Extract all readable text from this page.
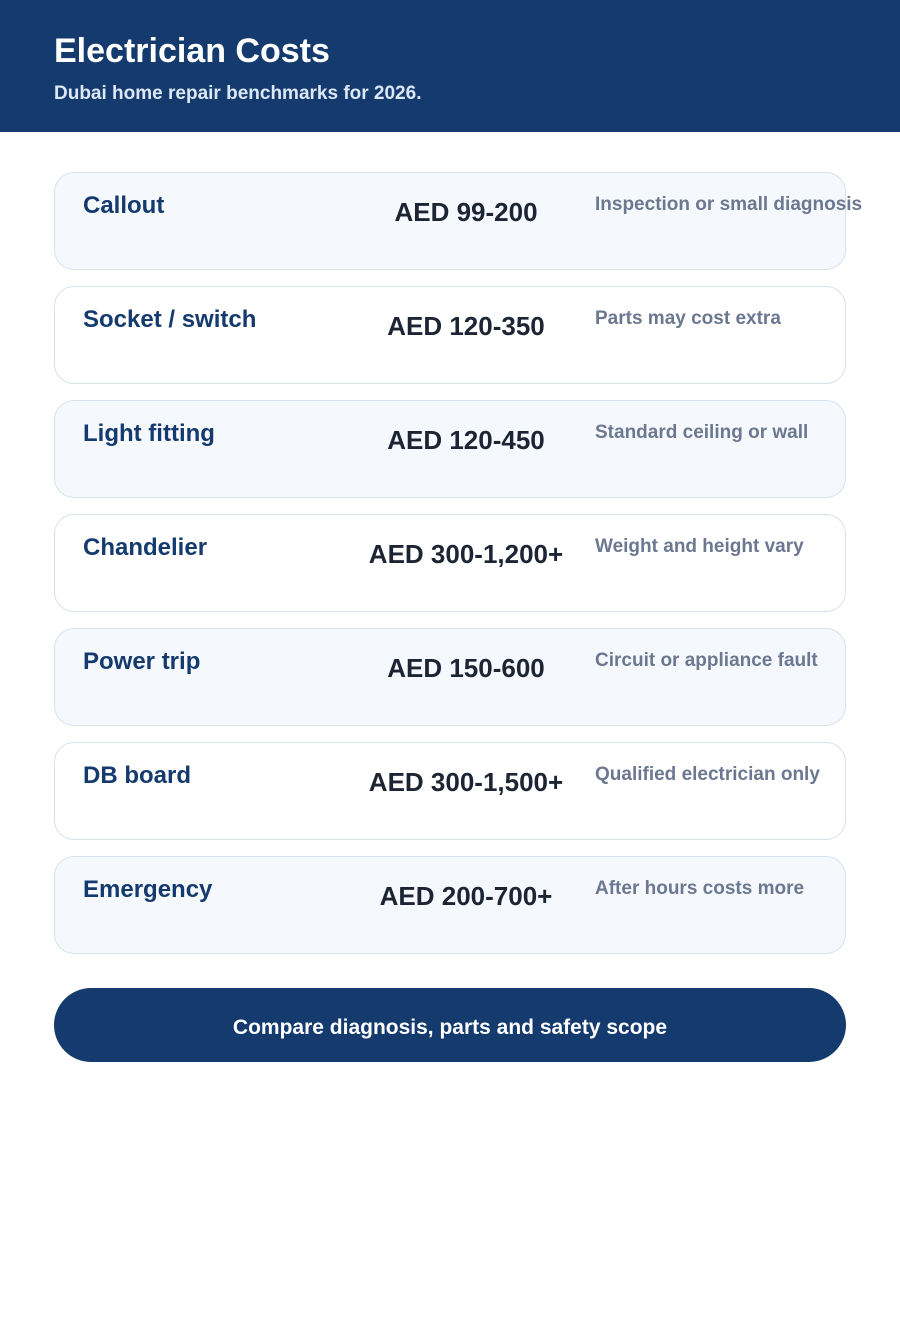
Electrician Costs
Dubai home repair benchmarks for 2026.
Callout	AED 99-200	Inspection or small diagnosis
Socket / switch	AED 120-350	Parts may cost extra
Light fitting	AED 120-450	Standard ceiling or wall
Chandelier	AED 300-1,200+	Weight and height vary
Power trip	AED 150-600	Circuit or appliance fault
DB board	AED 300-1,500+	Qualified electrician only
Emergency	AED 200-700+	After hours costs more
Compare diagnosis, parts and safety scope
